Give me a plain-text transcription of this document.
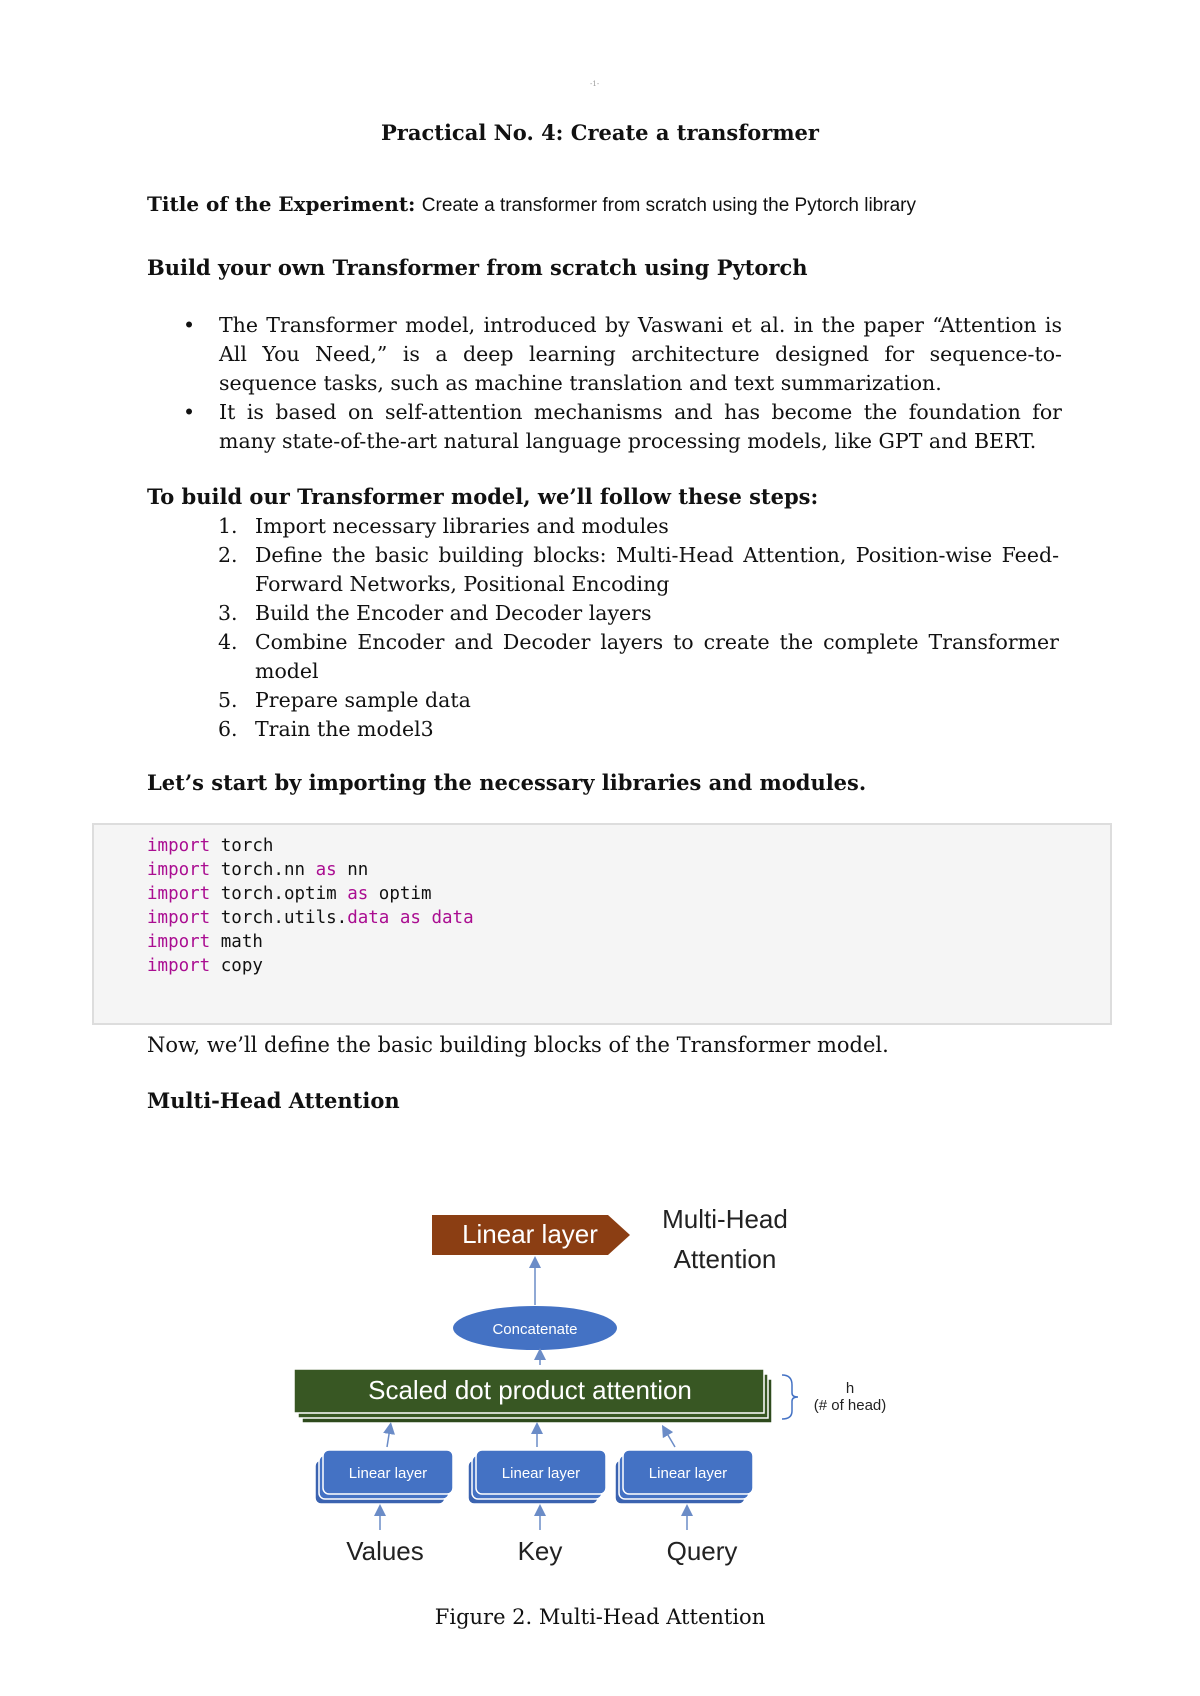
-1-
Practical No. 4: Create a transformer
Title of the Experiment: Create a transformer from scratch using the Pytorch library
Build your own Transformer from scratch using Pytorch
• The Transformer model, introduced by Vaswani et al. in the paper “Attention is All You Need,” is a deep learning architecture designed for sequence-to-sequence tasks, such as machine translation and text summarization.
• It is based on self-attention mechanisms and has become the foundation for many state-of-the-art natural language processing models, like GPT and BERT.
To build our Transformer model, we’ll follow these steps:
1. Import necessary libraries and modules
2. Define the basic building blocks: Multi-Head Attention, Position-wise Feed-Forward Networks, Positional Encoding
3. Build the Encoder and Decoder layers
4. Combine Encoder and Decoder layers to create the complete Transformer model
5. Prepare sample data
6. Train the model3
Let’s start by importing the necessary libraries and modules.
import torch
import torch.nn as nn
import torch.optim as optim
import torch.utils.data as data
import math
import copy
Now, we’ll define the basic building blocks of the Transformer model.
Multi-Head Attention
Linear layer Multi-Head
Attention
Concatenate
Scaled dot product attention	h
(# of head)
Linear layer	Linear layer	Linear layer
Values	Key	Query
Figure 2. Multi-Head Attention
